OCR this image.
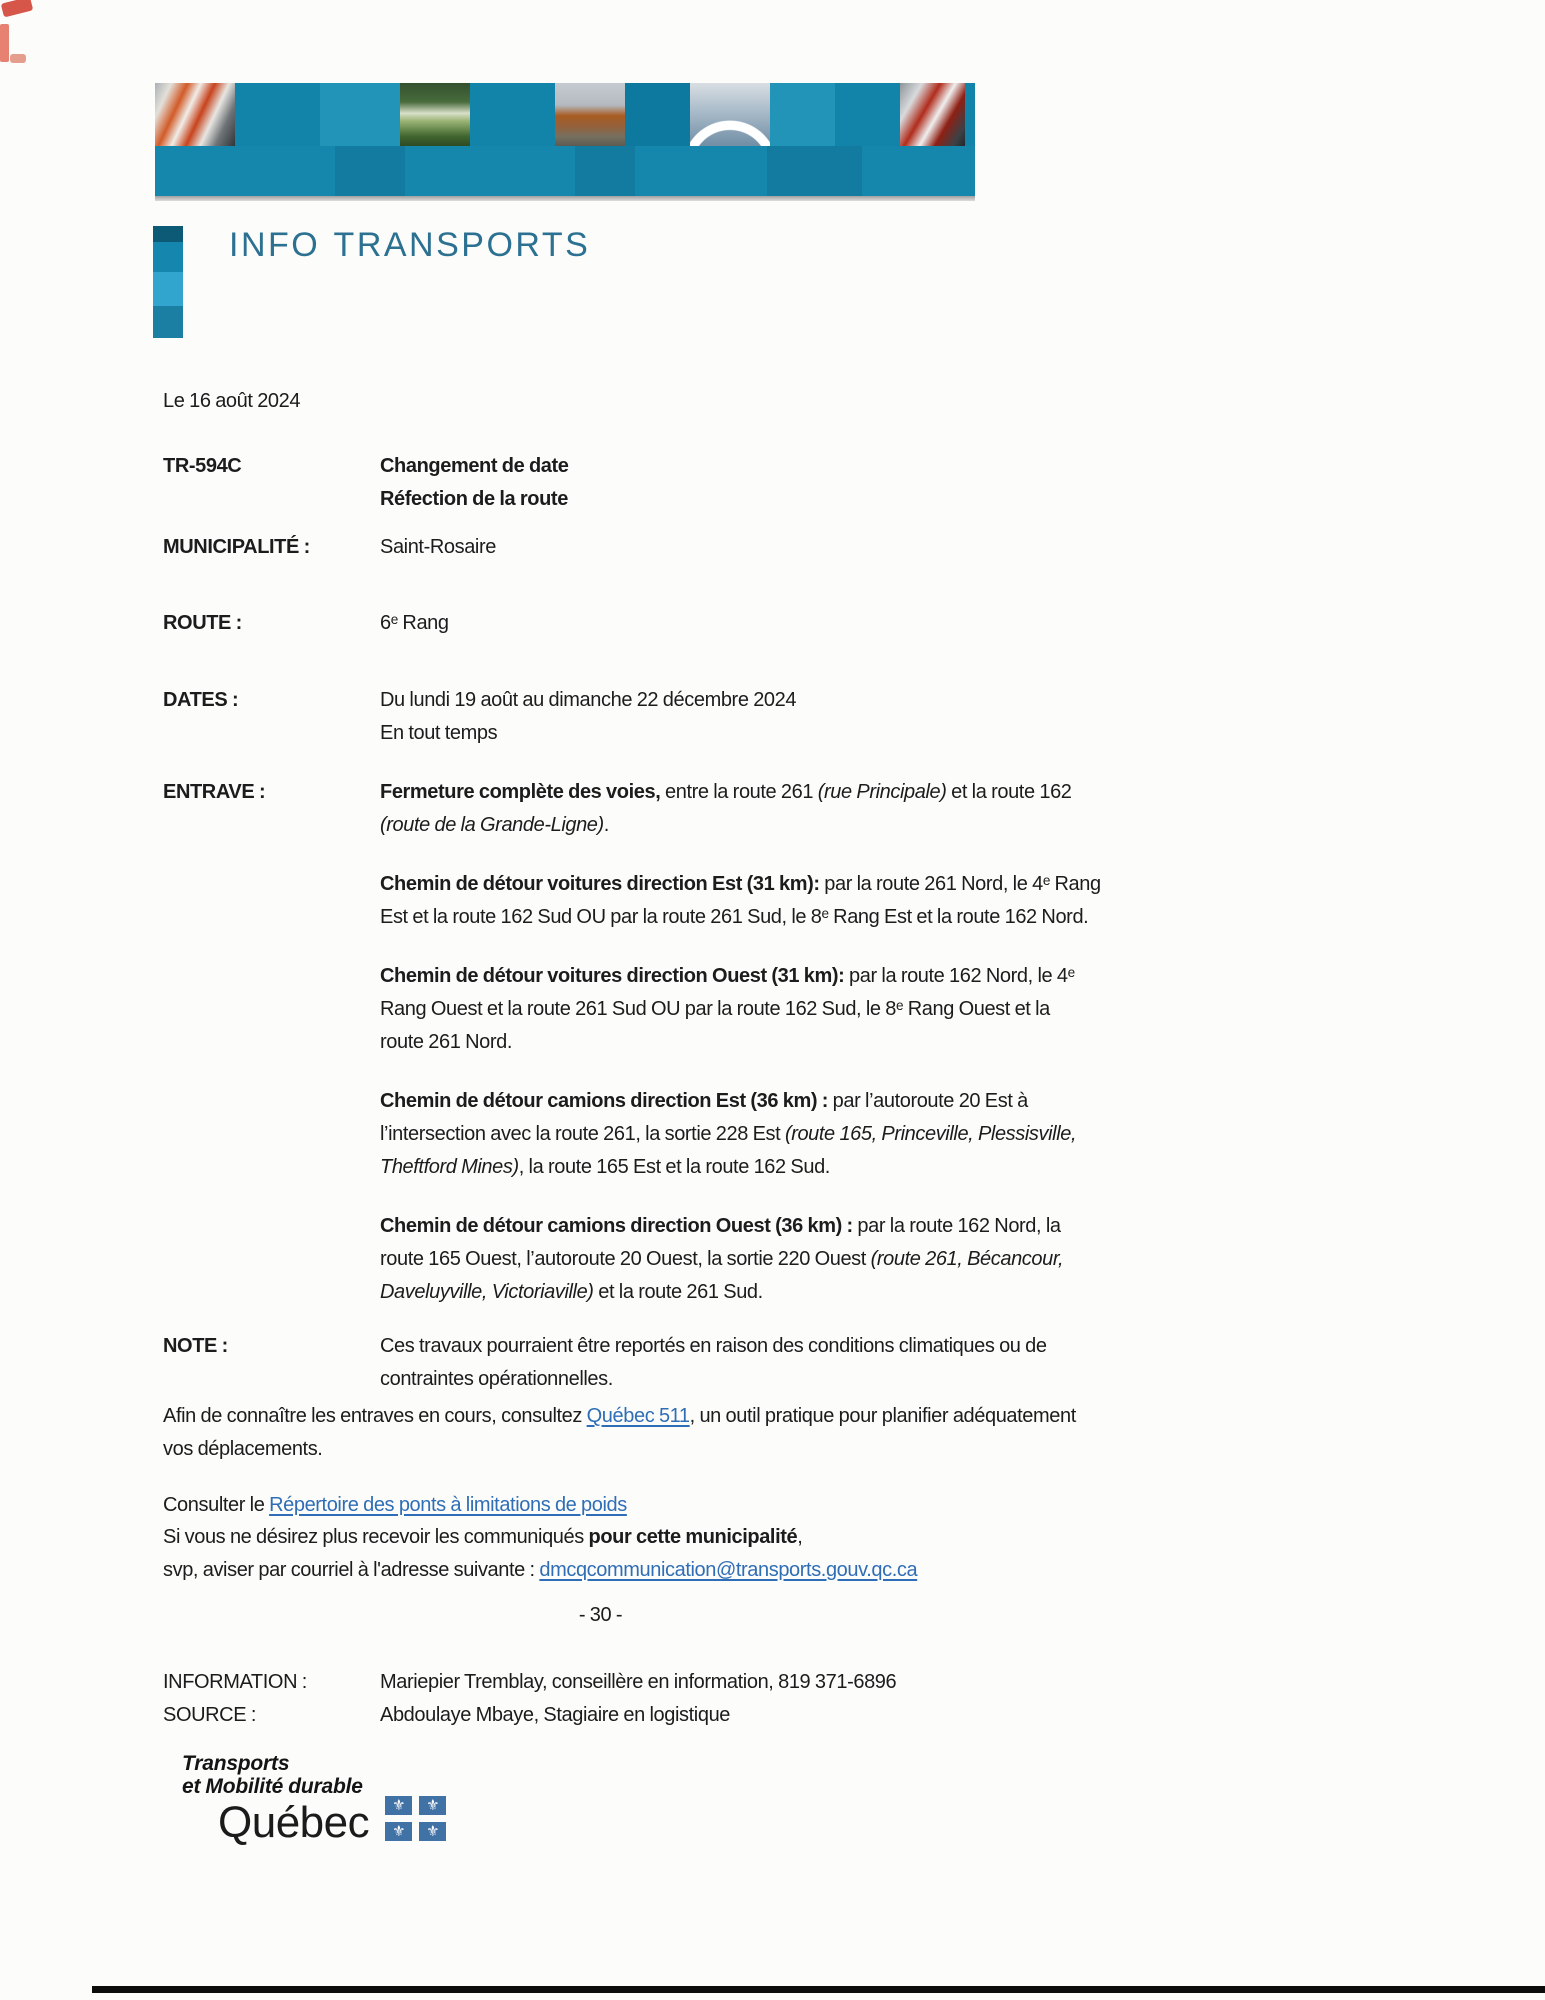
INFO TRANSPORTS
Le 16 août 2024
TR-594C	Changement de date
Réfection de la route
MUNICIPALITÉ :	Saint-Rosaire
ROUTE :	6ᵉ Rang
DATES :	Du lundi 19 août au dimanche 22 décembre 2024
En tout temps
ENTRAVE :	Fermeture complète des voies, entre la route 261 (rue Principale) et la route 162
(route de la Grande-Ligne).
Chemin de détour voitures direction Est (31 km): par la route 261 Nord, le 4ᵉ Rang
Est et la route 162 Sud OU par la route 261 Sud, le 8ᵉ Rang Est et la route 162 Nord.
Chemin de détour voitures direction Ouest (31 km): par la route 162 Nord, le 4ᵉ
Rang Ouest et la route 261 Sud OU par la route 162 Sud, le 8ᵉ Rang Ouest et la
route 261 Nord.
Chemin de détour camions direction Est (36 km) : par l’autoroute 20 Est à
l’intersection avec la route 261, la sortie 228 Est (route 165, Princeville, Plessisville,
Theftford Mines), la route 165 Est et la route 162 Sud.
Chemin de détour camions direction Ouest (36 km) : par la route 162 Nord, la
route 165 Ouest, l’autoroute 20 Ouest, la sortie 220 Ouest (route 261, Bécancour,
Daveluyville, Victoriaville) et la route 261 Sud.
NOTE :	Ces travaux pourraient être reportés en raison des conditions climatiques ou de
contraintes opérationnelles.
Afin de connaître les entraves en cours, consultez Québec 511, un outil pratique pour planifier adéquatement
vos déplacements.
Consulter le Répertoire des ponts à limitations de poids
Si vous ne désirez plus recevoir les communiqués pour cette municipalité,
svp, aviser par courriel à l'adresse suivante : dmcqcommunication@transports.gouv.qc.ca
- 30 -
INFORMATION :	Mariepier Tremblay, conseillère en information, 819 371-6896
SOURCE :	Abdoulaye Mbaye, Stagiaire en logistique
Transports
et Mobilité durable
Québec ⚜ ⚜
⚜ ⚜
